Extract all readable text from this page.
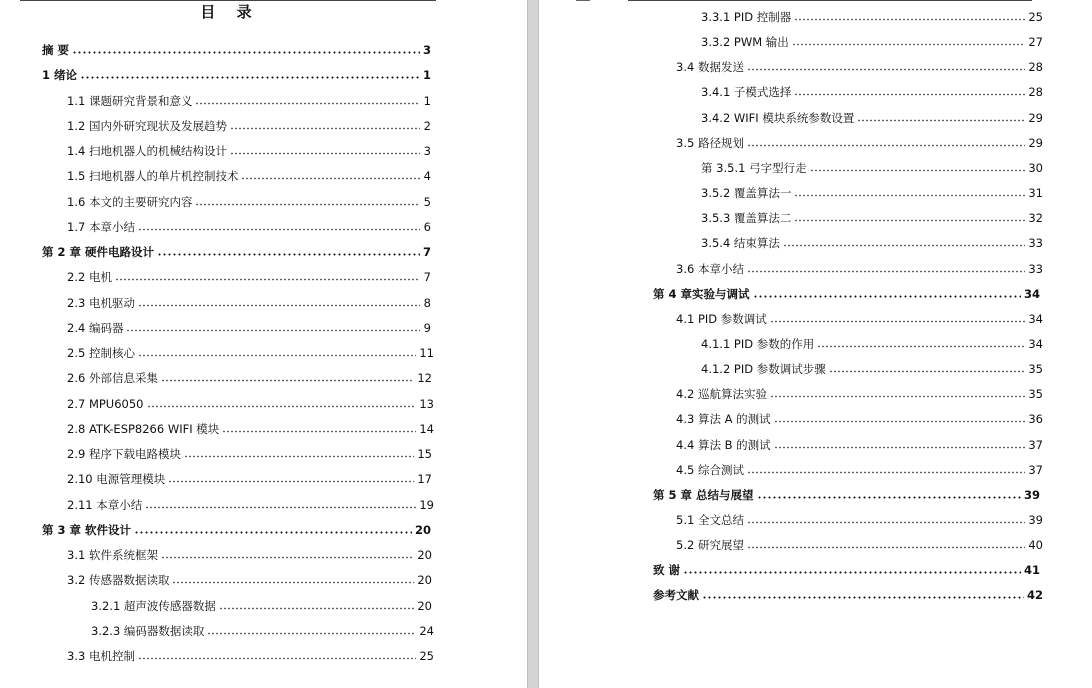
目 录
摘 要	3
1 绪论	1
1.1 课题研究背景和意义	1
1.2 国内外研究现状及发展趋势	2
1.4 扫地机器人的机械结构设计	3
1.5 扫地机器人的单片机控制技术	4
1.6 本文的主要研究内容	5
1.7 本章小结	6
第 2 章 硬件电路设计	7
2.2 电机	7
2.3 电机驱动	8
2.4 编码器	9
2.5 控制核心	11
2.6 外部信息采集	12
2.7 MPU6050	13
2.8 ATK-ESP8266 WIFI 模块	14
2.9 程序下载电路模块	15
2.10 电源管理模块	17
2.11 本章小结	19
第 3 章 软件设计	20
3.1 软件系统框架	20
3.2 传感器数据读取	20
3.2.1 超声波传感器数据	20
3.2.3 编码器数据读取	24
3.3 电机控制	25
3.3.1 PID 控制器	25
3.3.2 PWM 输出	27
3.4 数据发送	28
3.4.1 子模式选择	28
3.4.2 WIFI 模块系统参数设置	29
3.5 路径规划	29
第 3.5.1 弓字型行走	30
3.5.2 覆盖算法一	31
3.5.3 覆盖算法二	32
3.5.4 结束算法	33
3.6 本章小结	33
第 4 章实验与调试	34
4.1 PID 参数调试	34
4.1.1 PID 参数的作用	34
4.1.2 PID 参数调试步骤	35
4.2 巡航算法实验	35
4.3 算法 A 的测试	36
4.4 算法 B 的测试	37
4.5 综合测试	37
第 5 章 总结与展望	39
5.1 全文总结	39
5.2 研究展望	40
致 谢	41
参考文献	42
